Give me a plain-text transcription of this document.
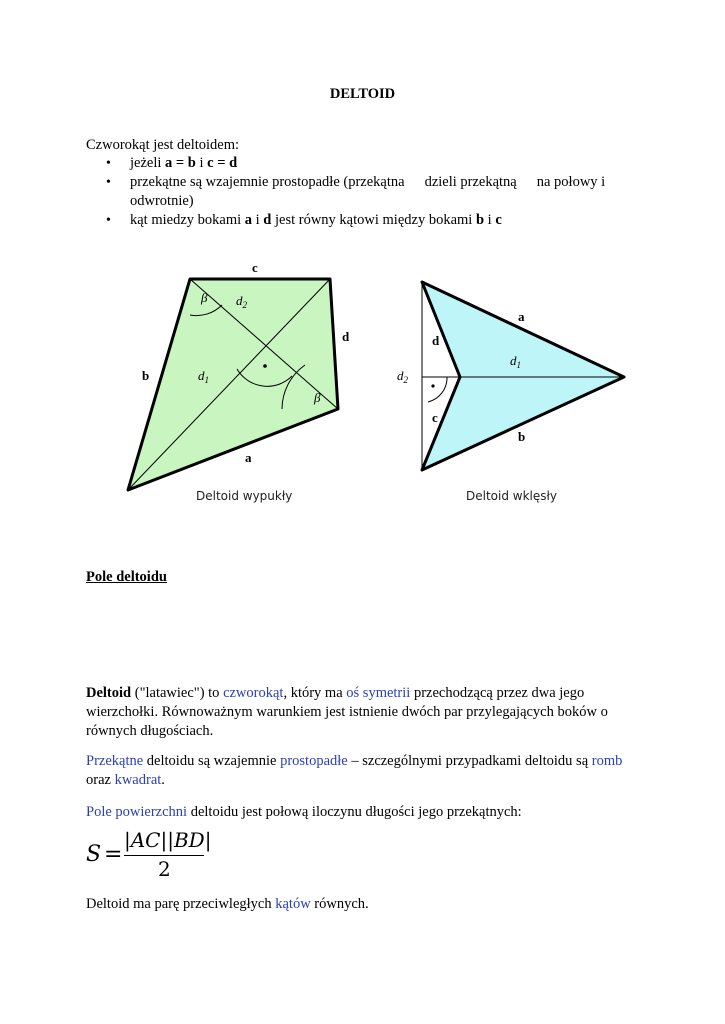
DELTOID
Czworokąt jest deltoidem:
• jeżeli a = b i c = d
• przekątne są wzajemnie prostopadłe (przekątna dzieli przekątną na połowy i odwrotnie)
• kąt miedzy bokami a i d jest równy kątowi między bokami b i c
c
d
b
a
β
β
$d_2$
$d_1$
Deltoid wypukły
a
b
d
c
$d_1$
$d_2$
Deltoid wklęsły
Pole deltoidu
Deltoid ("latawiec") to czworokąt, który ma oś symetrii przechodzącą przez dwa jego wierzchołki. Równoważnym warunkiem jest istnienie dwóch par przylegających boków o równych długościach.
Przekątne deltoidu są wzajemnie prostopadłe – szczególnymi przypadkami deltoidu są romb oraz kwadrat.
Pole powierzchni deltoidu jest połową iloczynu długości jego przekątnych:
S =
|AC||BD|
2
Deltoid ma parę przeciwległych kątów równych.
